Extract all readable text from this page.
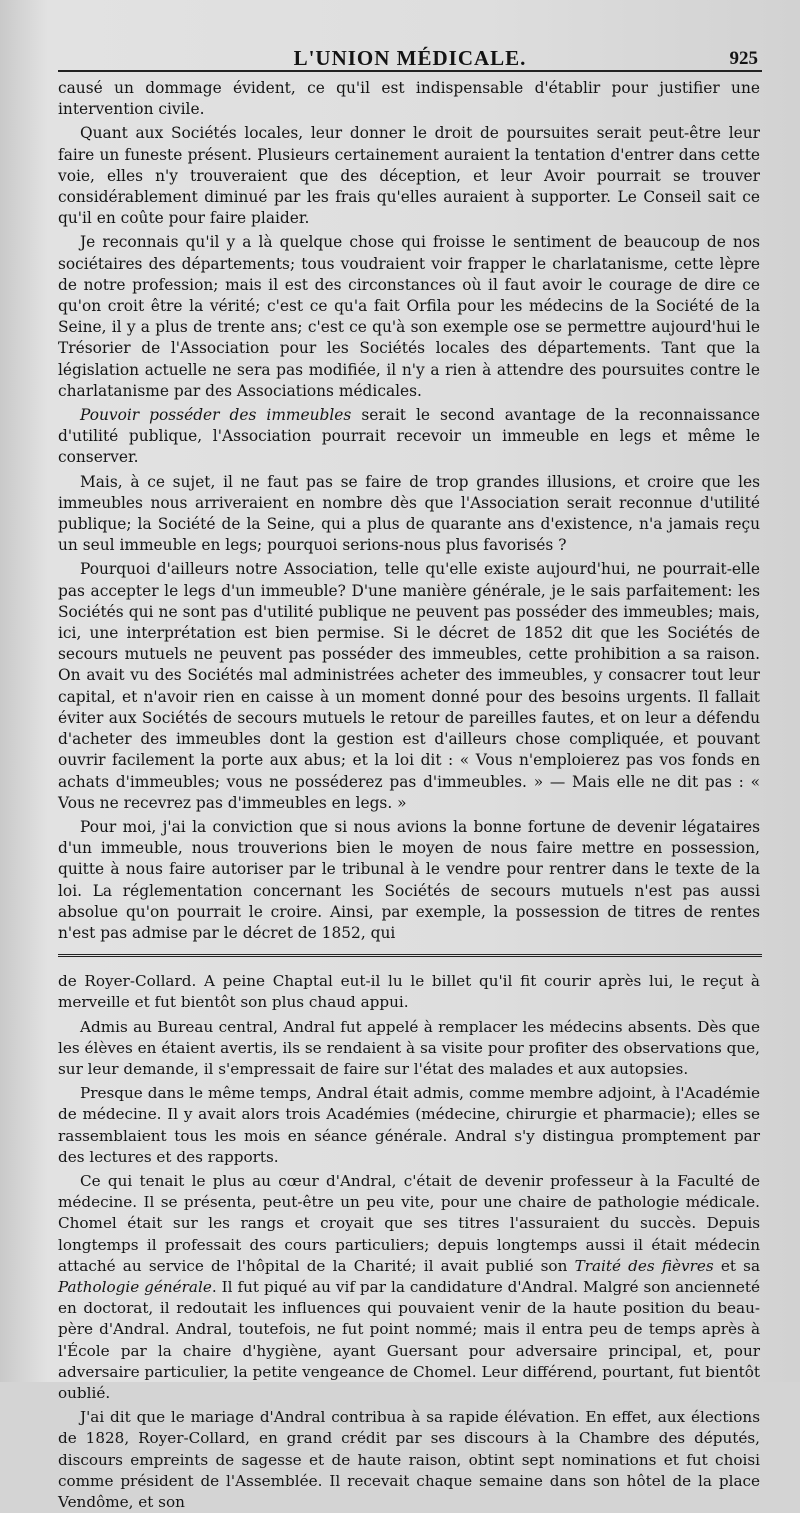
L'UNION MÉDICALE.	925

causé un dommage évident, ce qu'il est indispensable d'établir pour justifier une intervention civile.

Quant aux Sociétés locales, leur donner le droit de poursuites serait peut-être leur faire un funeste présent. Plusieurs certainement auraient la tentation d'entrer dans cette voie, elles n'y trouveraient que des déception, et leur Avoir pourrait se trouver considérablement diminué par les frais qu'elles auraient à supporter. Le Conseil sait ce qu'il en coûte pour faire plaider.

Je reconnais qu'il y a là quelque chose qui froisse le sentiment de beaucoup de nos sociétaires des départements; tous voudraient voir frapper le charlatanisme, cette lèpre de notre profession; mais il est des circonstances où il faut avoir le courage de dire ce qu'on croit être la vérité; c'est ce qu'a fait Orfila pour les médecins de la Société de la Seine, il y a plus de trente ans; c'est ce qu'à son exemple ose se permettre aujourd'hui le Trésorier de l'Association pour les Sociétés locales des départements. Tant que la législation actuelle ne sera pas modifiée, il n'y a rien à attendre des poursuites contre le charlatanisme par des Associations médicales.

Pouvoir posséder des immeubles serait le second avantage de la reconnaissance d'utilité publique, l'Association pourrait recevoir un immeuble en legs et même le conserver.

Mais, à ce sujet, il ne faut pas se faire de trop grandes illusions, et croire que les immeubles nous arriveraient en nombre dès que l'Association serait reconnue d'utilité publique; la Société de la Seine, qui a plus de quarante ans d'existence, n'a jamais reçu un seul immeuble en legs; pourquoi serions-nous plus favorisés ?

Pourquoi d'ailleurs notre Association, telle qu'elle existe aujourd'hui, ne pourrait-elle pas accepter le legs d'un immeuble? D'une manière générale, je le sais parfaitement: les Sociétés qui ne sont pas d'utilité publique ne peuvent pas posséder des immeubles; mais, ici, une interprétation est bien permise. Si le décret de 1852 dit que les Sociétés de secours mutuels ne peuvent pas posséder des immeubles, cette prohibition a sa raison. On avait vu des Sociétés mal administrées acheter des immeubles, y consacrer tout leur capital, et n'avoir rien en caisse à un moment donné pour des besoins urgents. Il fallait éviter aux Sociétés de secours mutuels le retour de pareilles fautes, et on leur a défendu d'acheter des immeubles dont la gestion est d'ailleurs chose compliquée, et pouvant ouvrir facilement la porte aux abus; et la loi dit : « Vous n'emploierez pas vos fonds en achats d'immeubles; vous ne posséderez pas d'immeubles. » — Mais elle ne dit pas : « Vous ne recevrez pas d'immeubles en legs. »

Pour moi, j'ai la conviction que si nous avions la bonne fortune de devenir légataires d'un immeuble, nous trouverions bien le moyen de nous faire mettre en possession, quitte à nous faire autoriser par le tribunal à le vendre pour rentrer dans le texte de la loi. La réglementation concernant les Sociétés de secours mutuels n'est pas aussi absolue qu'on pourrait le croire. Ainsi, par exemple, la possession de titres de rentes n'est pas admise par le décret de 1852, qui

de Royer-Collard. A peine Chaptal eut-il lu le billet qu'il fit courir après lui, le reçut à merveille et fut bientôt son plus chaud appui.

Admis au Bureau central, Andral fut appelé à remplacer les médecins absents. Dès que les élèves en étaient avertis, ils se rendaient à sa visite pour profiter des observations que, sur leur demande, il s'empressait de faire sur l'état des malades et aux autopsies.

Presque dans le même temps, Andral était admis, comme membre adjoint, à l'Académie de médecine. Il y avait alors trois Académies (médecine, chirurgie et pharmacie); elles se rassemblaient tous les mois en séance générale. Andral s'y distingua promptement par des lectures et des rapports.

Ce qui tenait le plus au cœur d'Andral, c'était de devenir professeur à la Faculté de médecine. Il se présenta, peut-être un peu vite, pour une chaire de pathologie médicale. Chomel était sur les rangs et croyait que ses titres l'assuraient du succès. Depuis longtemps il professait des cours particuliers; depuis longtemps aussi il était médecin attaché au service de l'hôpital de la Charité; il avait publié son Traité des fièvres et sa Pathologie générale. Il fut piqué au vif par la candidature d'Andral. Malgré son ancienneté en doctorat, il redoutait les influences qui pouvaient venir de la haute position du beau-père d'Andral. Andral, toutefois, ne fut point nommé; mais il entra peu de temps après à l'École par la chaire d'hygiène, ayant Guersant pour adversaire principal, et, pour adversaire particulier, la petite vengeance de Chomel. Leur différend, pourtant, fut bientôt oublié.

J'ai dit que le mariage d'Andral contribua à sa rapide élévation. En effet, aux élections de 1828, Royer-Collard, en grand crédit par ses discours à la Chambre des députés, discours empreints de sagesse et de haute raison, obtint sept nominations et fut choisi comme président de l'Assemblée. Il recevait chaque semaine dans son hôtel de la place Vendôme, et son
